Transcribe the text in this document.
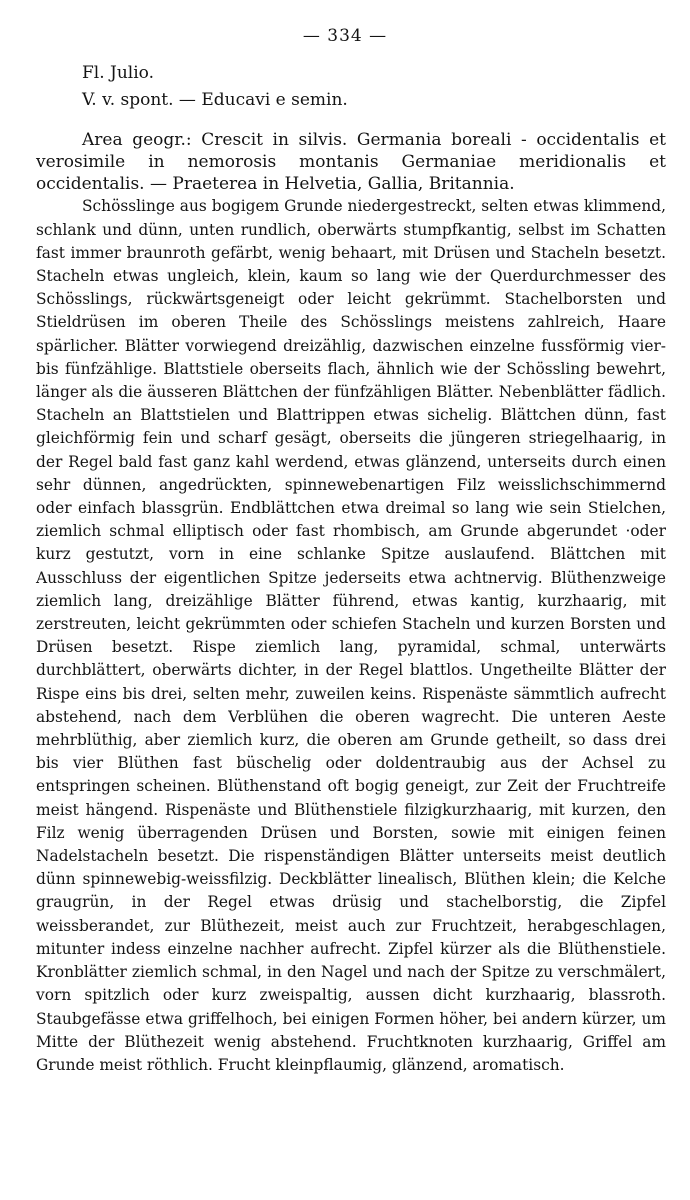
— 334 —
Fl. Julio.
V. v. spont. — Educavi e semin.

Area geogr.: Crescit in silvis. Germania boreali - occidentalis et verosimile in nemorosis montanis Germaniae meridionalis et occidentalis. — Praeterea in Helvetia, Gallia, Britannia.

Schösslinge aus bogigem Grunde niedergestreckt, selten etwas klimmend, schlank und dünn, unten rundlich, oberwärts stumpfkantig, selbst im Schatten fast immer braunroth gefärbt, wenig behaart, mit Drüsen und Stacheln besetzt. Stacheln etwas ungleich, klein, kaum so lang wie der Querdurchmesser des Schösslings, rückwärtsgeneigt oder leicht gekrümmt. Stachelborsten und Stieldrüsen im oberen Theile des Schösslings meistens zahlreich, Haare spärlicher. Blätter vorwiegend dreizählig, dazwischen einzelne fussförmig vier- bis fünfzählige. Blattstiele oberseits flach, ähnlich wie der Schössling bewehrt, länger als die äusseren Blättchen der fünfzähligen Blätter. Nebenblätter fädlich. Stacheln an Blattstielen und Blattrippen etwas sichelig. Blättchen dünn, fast gleichförmig fein und scharf gesägt, oberseits die jüngeren striegelhaarig, in der Regel bald fast ganz kahl werdend, etwas glänzend, unterseits durch einen sehr dünnen, angedrückten, spinnewebenartigen Filz weisslichschimmernd oder einfach blassgrün. Endblättchen etwa dreimal so lang wie sein Stielchen, ziemlich schmal elliptisch oder fast rhombisch, am Grunde abgerundet ·oder kurz gestutzt, vorn in eine schlanke Spitze auslaufend. Blättchen mit Ausschluss der eigentlichen Spitze jederseits etwa achtnervig. Blüthenzweige ziemlich lang, dreizählige Blätter führend, etwas kantig, kurzhaarig, mit zerstreuten, leicht gekrümmten oder schiefen Stacheln und kurzen Borsten und Drüsen besetzt. Rispe ziemlich lang, pyramidal, schmal, unterwärts durchblättert, oberwärts dichter, in der Regel blattlos. Ungetheilte Blätter der Rispe eins bis drei, selten mehr, zuweilen keins. Rispenäste sämmtlich aufrecht abstehend, nach dem Verblühen die oberen wagrecht. Die unteren Aeste mehrblüthig, aber ziemlich kurz, die oberen am Grunde getheilt, so dass drei bis vier Blüthen fast büschelig oder doldentraubig aus der Achsel zu entspringen scheinen. Blüthenstand oft bogig geneigt, zur Zeit der Fruchtreife meist hängend. Rispenäste und Blüthenstiele filzigkurzhaarig, mit kurzen, den Filz wenig überragenden Drüsen und Borsten, sowie mit einigen feinen Nadelstacheln besetzt. Die rispenständigen Blätter unterseits meist deutlich dünn spinnewebig-weissfilzig. Deckblätter linealisch, Blüthen klein; die Kelche graugrün, in der Regel etwas drüsig und stachelborstig, die Zipfel weissberandet, zur Blüthezeit, meist auch zur Fruchtzeit, herabgeschlagen, mitunter indess einzelne nachher aufrecht. Zipfel kürzer als die Blüthenstiele. Kronblätter ziemlich schmal, in den Nagel und nach der Spitze zu verschmälert, vorn spitzlich oder kurz zweispaltig, aussen dicht kurzhaarig, blassroth. Staubgefässe etwa griffelhoch, bei einigen Formen höher, bei andern kürzer, um Mitte der Blüthezeit wenig abstehend. Fruchtknoten kurzhaarig, Griffel am Grunde meist röthlich. Frucht kleinpflaumig, glänzend, aromatisch.
